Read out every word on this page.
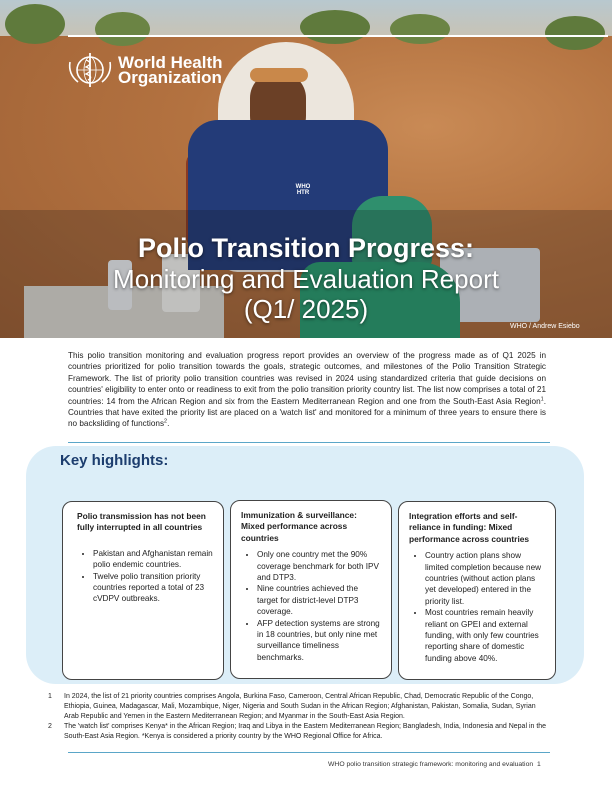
WHO
HTR
World Health
Organization
Polio Transition Progress:
Monitoring and Evaluation Report
(Q1/ 2025)
WHO / Andrew Esiebo
This polio transition monitoring and evaluation progress report provides an overview of the progress made as of Q1 2025 in countries prioritized for polio transition towards the goals, strategic outcomes, and milestones of the Polio Transition Strategic Framework. The list of priority polio transition countries was revised in 2024 using standardized criteria that guide decisions on countries' eligibility to enter onto or readiness to exit from the polio transition priority country list. The list now comprises a total of 21 countries: 14 from the African Region and six from the Eastern Mediterranean Region and one from the South-East Asia Region$^1$. Countries that have exited the priority list are placed on a 'watch list' and monitored for a minimum of three years to ensure there is no backsliding of functions$^2$.
Key highlights:
Polio transmission has not been fully interrupted in all countries
• Pakistan and Afghanistan remain polio endemic countries.
• Twelve polio transition priority countries reported a total of 23 cVDPV outbreaks.
Immunization & surveillance: Mixed performance across countries
• Only one country met the 90% coverage benchmark for both IPV and DTP3.
• Nine countries achieved the target for district-level DTP3 coverage.
• AFP detection systems are strong in 18 countries, but only nine met surveillance timeliness benchmarks.
Integration efforts and self-reliance in funding: Mixed performance across countries
• Country action plans show limited completion because new countries (without action plans yet developed) entered in the priority list.
• Most countries remain heavily reliant on GPEI and external funding, with only few countries reporting share of domestic funding above 40%.
1	In 2024, the list of 21 priority countries comprises Angola, Burkina Faso, Cameroon, Central African Republic, Chad, Democratic Republic of the Congo, Ethiopia, Guinea, Madagascar, Mali, Mozambique, Niger, Nigeria and South Sudan in the African Region; Afghanistan, Pakistan, Somalia, Sudan, Syrian Arab Republic and Yemen in the Eastern Mediterranean Region; and Myanmar in the South-East Asia Region.
2	The 'watch list' comprises Kenya* in the African Region; Iraq and Libya in the Eastern Mediterranean Region; Bangladesh, India, Indonesia and Nepal in the South-East Asia Region. *Kenya is considered a priority country by the WHO Regional Office for Africa.
WHO polio transition strategic framework: monitoring and evaluation 1
